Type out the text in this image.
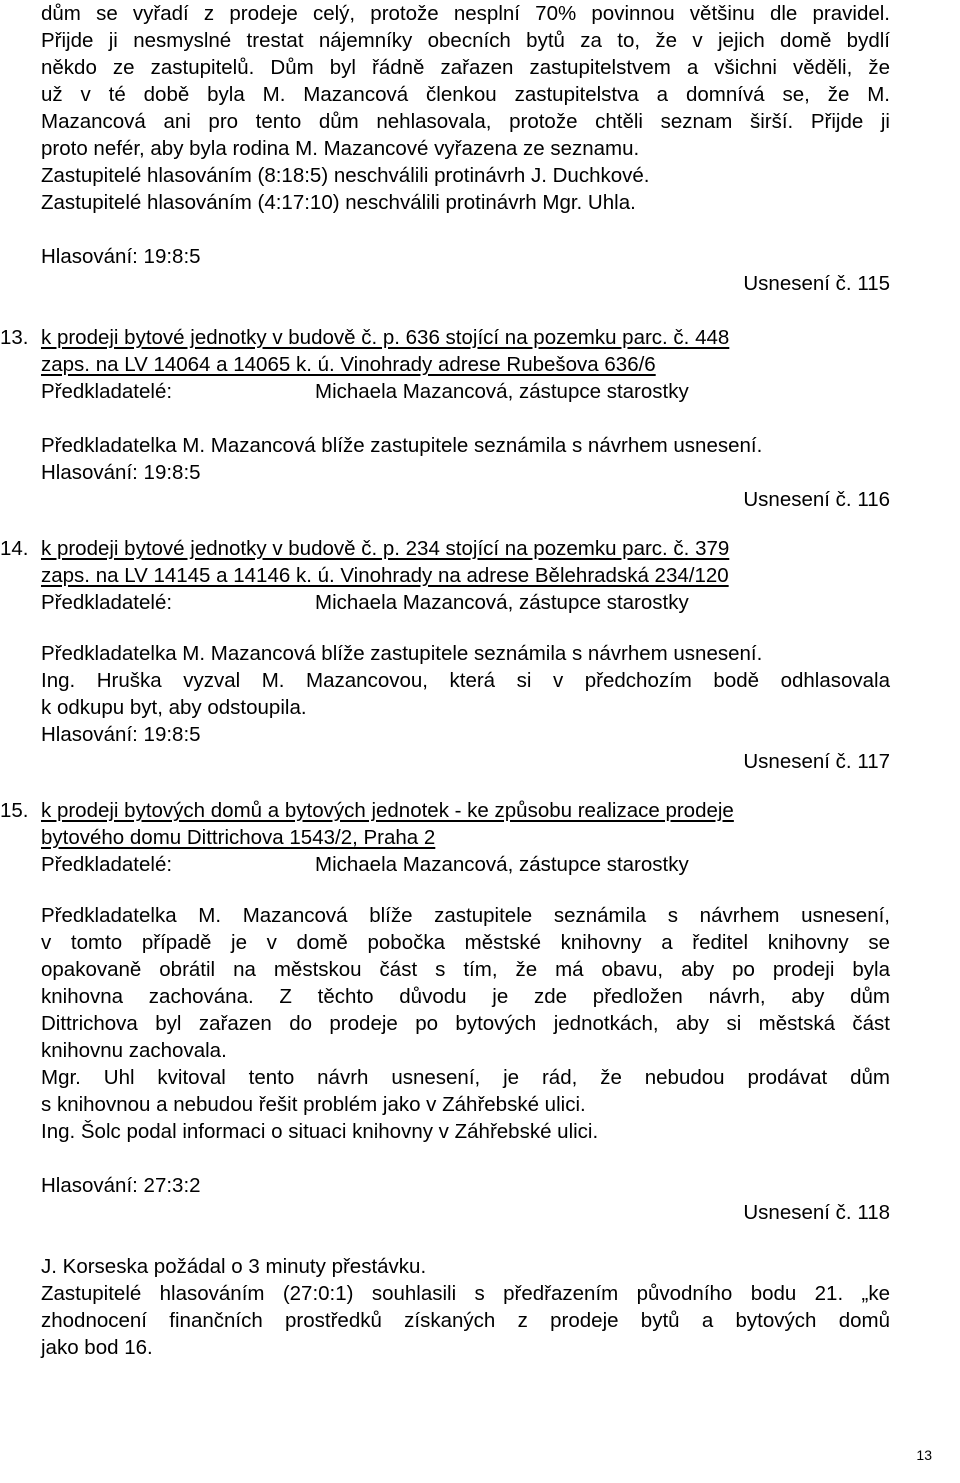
dům se vyřadí z prodeje celý, protože nesplní 70% povinnou většinu dle pravidel.
Přijde ji nesmyslné trestat nájemníky obecních bytů za to, že v jejich domě bydlí
někdo ze zastupitelů. Dům byl řádně zařazen zastupitelstvem a všichni věděli, že
už v té době byla M. Mazancová členkou zastupitelstva a domnívá se, že M.
Mazancová ani pro tento dům nehlasovala, protože chtěli seznam širší. Přijde ji
proto nefér, aby byla rodina M. Mazancové vyřazena ze seznamu.
Zastupitelé hlasováním (8:18:5) neschválili protinávrh J. Duchkové.
Zastupitelé hlasováním (4:17:10) neschválili protinávrh Mgr. Uhla.
Hlasování: 19:8:5
Usnesení č. 115
13. k prodeji bytové jednotky v budově č. p. 636 stojící na pozemku parc. č. 448
zaps. na LV 14064 a 14065 k. ú. Vinohrady adrese Rubešova 636/6
Předkladatelé:	Michaela Mazancová, zástupce starostky
Předkladatelka M. Mazancová blíže zastupitele seznámila s návrhem usnesení.
Hlasování: 19:8:5
Usnesení č. 116
14. k prodeji bytové jednotky v budově č. p. 234 stojící na pozemku parc. č. 379
zaps. na LV 14145 a 14146 k. ú. Vinohrady na adrese Bělehradská 234/120
Předkladatelé:	Michaela Mazancová, zástupce starostky
Předkladatelka M. Mazancová blíže zastupitele seznámila s návrhem usnesení.
Ing. Hruška vyzval M. Mazancovou, která si v předchozím bodě odhlasovala
k odkupu byt, aby odstoupila.
Hlasování: 19:8:5
Usnesení č. 117
15. k prodeji bytových domů a bytových jednotek - ke způsobu realizace prodeje
bytového domu Dittrichova 1543/2, Praha 2
Předkladatelé:	Michaela Mazancová, zástupce starostky
Předkladatelka M. Mazancová blíže zastupitele seznámila s návrhem usnesení,
v tomto případě je v domě pobočka městské knihovny a ředitel knihovny se
opakovaně obrátil na městskou část s tím, že má obavu, aby po prodeji byla
knihovna zachována. Z těchto důvodu je zde předložen návrh, aby dům
Dittrichova byl zařazen do prodeje po bytových jednotkách, aby si městská část
knihovnu zachovala.
Mgr. Uhl kvitoval tento návrh usnesení, je rád, že nebudou prodávat dům
s knihovnou a nebudou řešit problém jako v Záhřebské ulici.
Ing. Šolc podal informaci o situaci knihovny v Záhřebské ulici.
Hlasování: 27:3:2
Usnesení č. 118
J. Korseska požádal o 3 minuty přestávku.
Zastupitelé hlasováním (27:0:1) souhlasili s předřazením původního bodu 21. „ke
zhodnocení finančních prostředků získaných z prodeje bytů a bytových domů
jako bod 16.
13
